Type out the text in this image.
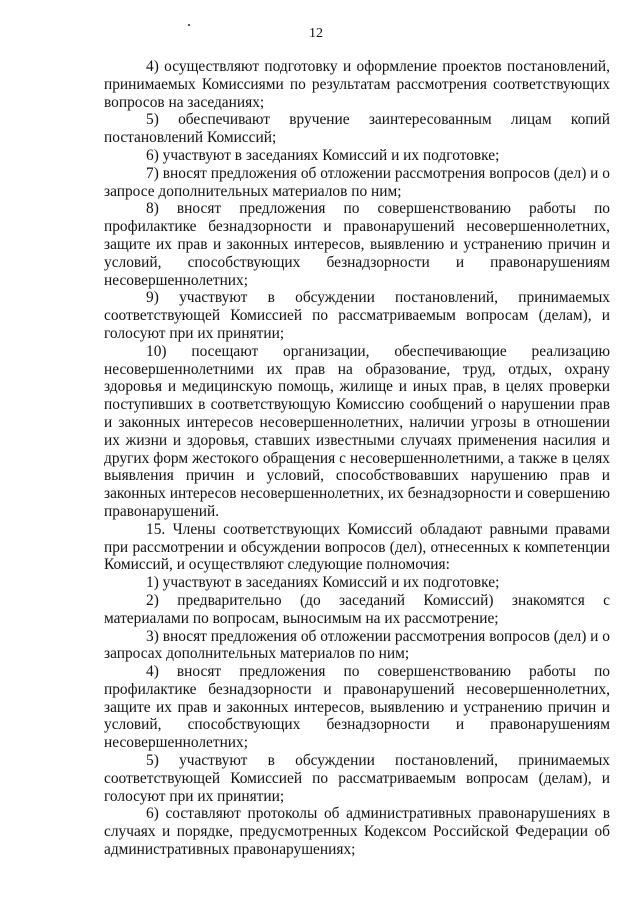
12

4) осуществляют подготовку и оформление проектов постановлений, принимаемых Комиссиями по результатам рассмотрения соответствующих вопросов на заседаниях;

5) обеспечивают вручение заинтересованным лицам копий постановлений Комиссий;

6) участвуют в заседаниях Комиссий и их подготовке;

7) вносят предложения об отложении рассмотрения вопросов (дел) и о запросе дополнительных материалов по ним;

8) вносят предложения по совершенствованию работы по профилактике безнадзорности и правонарушений несовершеннолетних, защите их прав и законных интересов, выявлению и устранению причин и условий, способствующих безнадзорности и правонарушениям несовершеннолетних;

9) участвуют в обсуждении постановлений, принимаемых соответствующей Комиссией по рассматриваемым вопросам (делам), и голосуют при их принятии;

10) посещают организации, обеспечивающие реализацию несовершеннолетними их прав на образование, труд, отдых, охрану здоровья и медицинскую помощь, жилище и иных прав, в целях проверки поступивших в соответствующую Комиссию сообщений о нарушении прав и законных интересов несовершеннолетних, наличии угрозы в отношении их жизни и здоровья, ставших известными случаях применения насилия и других форм жестокого обращения с несовершеннолетними, а также в целях выявления причин и условий, способствовавших нарушению прав и законных интересов несовершеннолетних, их безнадзорности и совершению правонарушений.

15. Члены соответствующих Комиссий обладают равными правами при рассмотрении и обсуждении вопросов (дел), отнесенных к компетенции Комиссий, и осуществляют следующие полномочия:

1) участвуют в заседаниях Комиссий и их подготовке;

2) предварительно (до заседаний Комиссий) знакомятся с материалами по вопросам, выносимым на их рассмотрение;

3) вносят предложения об отложении рассмотрения вопросов (дел) и о запросах дополнительных материалов по ним;

4) вносят предложения по совершенствованию работы по профилактике безнадзорности и правонарушений несовершеннолетних, защите их прав и законных интересов, выявлению и устранению причин и условий, способствующих безнадзорности и правонарушениям несовершеннолетних;

5) участвуют в обсуждении постановлений, принимаемых соответствующей Комиссией по рассматриваемым вопросам (делам), и голосуют при их принятии;

6) составляют протоколы об административных правонарушениях в случаях и порядке, предусмотренных Кодексом Российской Федерации об административных правонарушениях;
